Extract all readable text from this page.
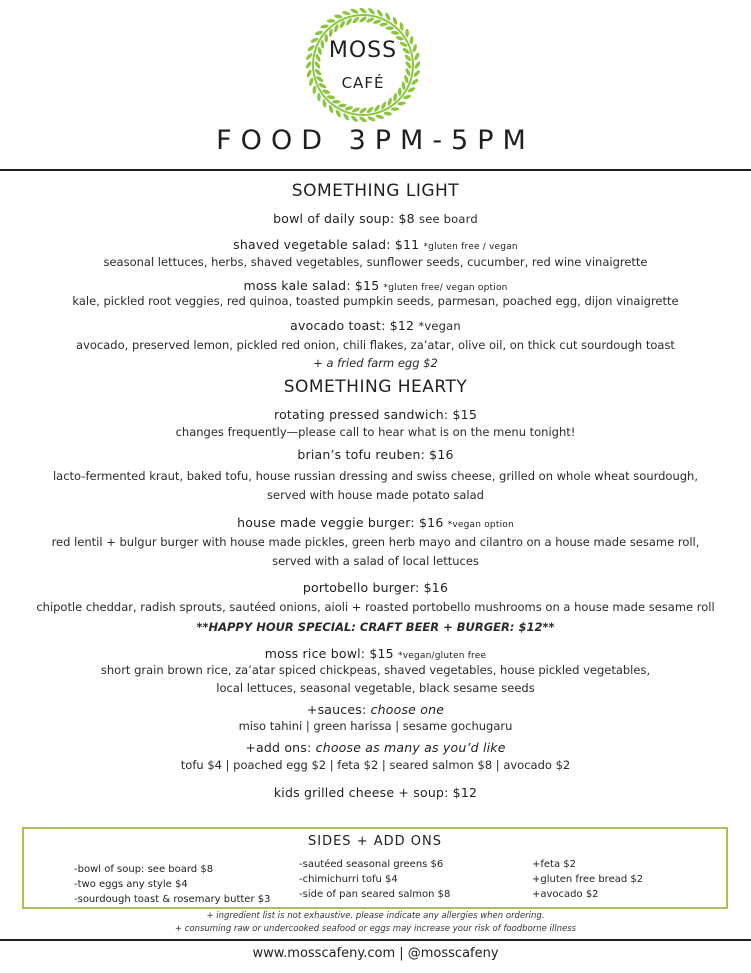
MOSS
CAFÉ
FOOD 3PM-5PM
SOMETHING LIGHT
bowl of daily soup: $8 see board
shaved vegetable salad: $11 *gluten free / vegan
seasonal lettuces, herbs, shaved vegetables, sunflower seeds, cucumber, red wine vinaigrette
moss kale salad: $15 *gluten free/ vegan option
kale, pickled root veggies, red quinoa, toasted pumpkin seeds, parmesan, poached egg, dijon vinaigrette
avocado toast: $12 *vegan
avocado, preserved lemon, pickled red onion, chili flakes, za’atar, olive oil, on thick cut sourdough toast
+ a fried farm egg $2
SOMETHING HEARTY
rotating pressed sandwich: $15
changes frequently—please call to hear what is on the menu tonight!
brian’s tofu reuben: $16
lacto-fermented kraut, baked tofu, house russian dressing and swiss cheese, grilled on whole wheat sourdough,
served with house made potato salad
house made veggie burger: $16 *vegan option
red lentil + bulgur burger with house made pickles, green herb mayo and cilantro on a house made sesame roll,
served with a salad of local lettuces
portobello burger: $16
chipotle cheddar, radish sprouts, sautéed onions, aioli + roasted portobello mushrooms on a house made sesame roll
**HAPPY HOUR SPECIAL: CRAFT BEER + BURGER: $12**
moss rice bowl: $15 *vegan/gluten free
short grain brown rice, za’atar spiced chickpeas, shaved vegetables, house pickled vegetables,
local lettuces, seasonal vegetable, black sesame seeds
+sauces: choose one
miso tahini | green harissa | sesame gochugaru
+add ons: choose as many as you’d like
tofu $4 | poached egg $2 | feta $2 | seared salmon $8 | avocado $2
kids grilled cheese + soup: $12
SIDES + ADD ONS
-bowl of soup: see board $8
-two eggs any style $4
-sourdough toast & rosemary butter $3
-sautéed seasonal greens $6
-chimichurri tofu $4
-side of pan seared salmon $8
+feta $2
+gluten free bread $2
+avocado $2
+ ingredient list is not exhaustive. please indicate any allergies when ordering.
+ consuming raw or undercooked seafood or eggs may increase your risk of foodborne illness
www.mosscafeny.com | @mosscafeny
